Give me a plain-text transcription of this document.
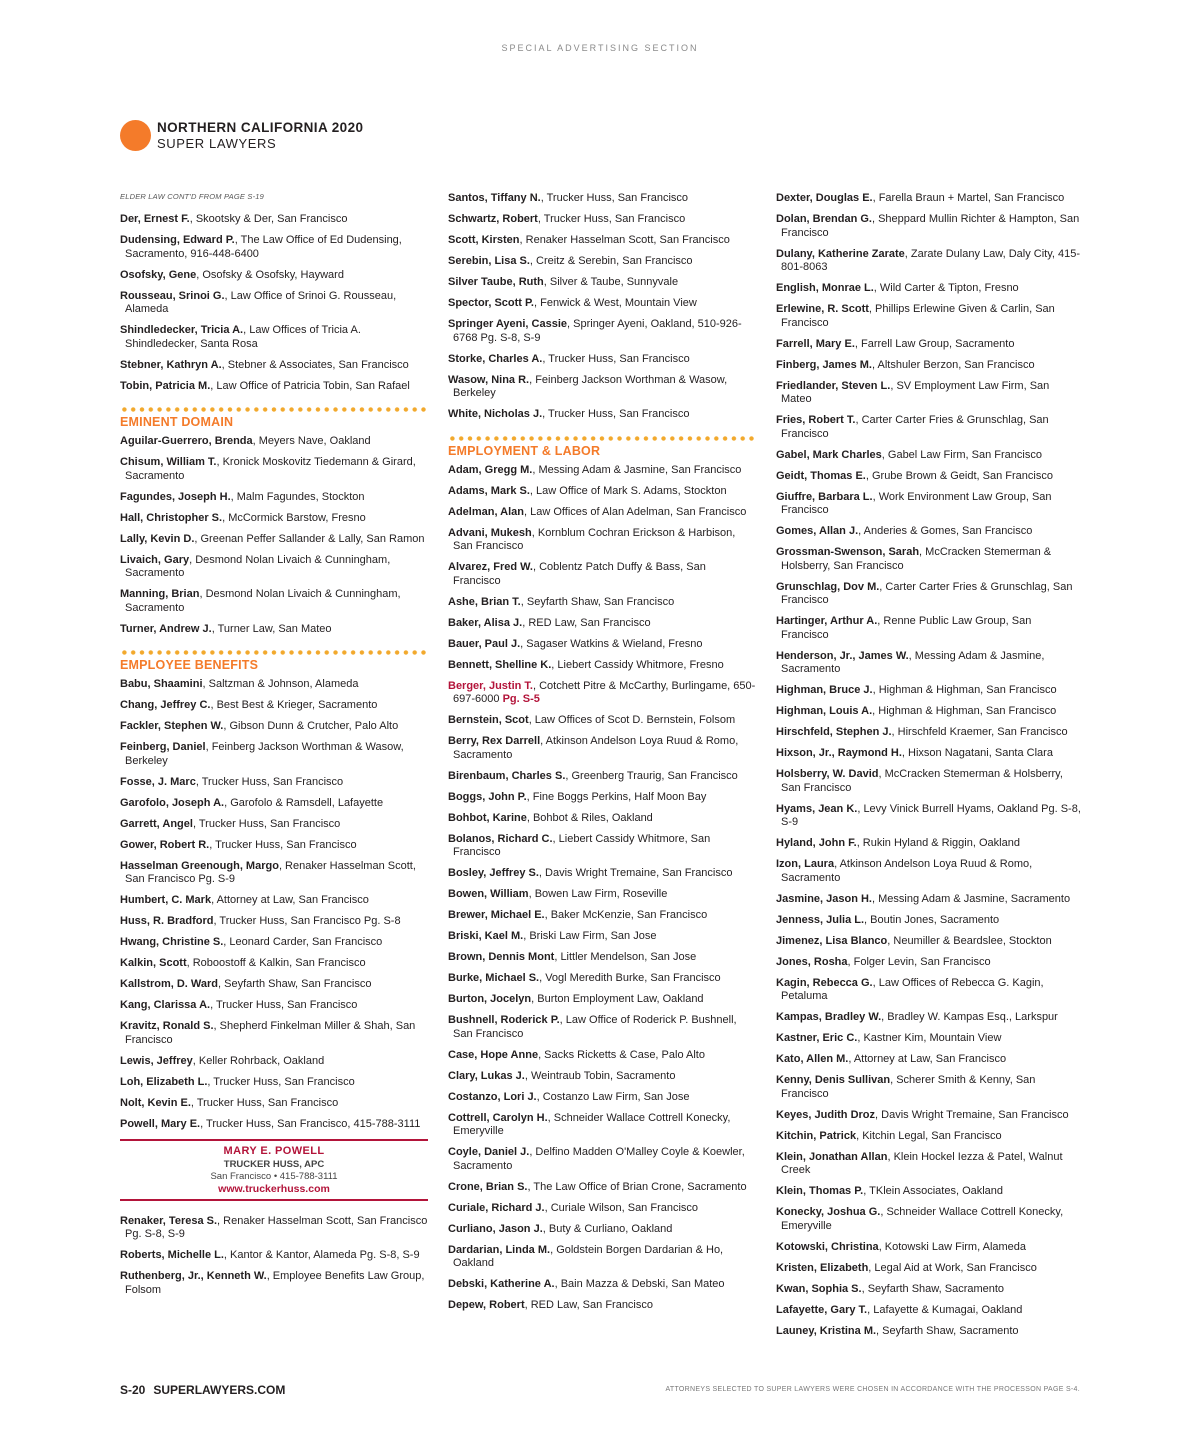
SPECIAL ADVERTISING SECTION
NORTHERN CALIFORNIA 2020
SUPER LAWYERS
ELDER LAW CONT'D FROM PAGE S-19
Der, Ernest F., Skootsky & Der, San Francisco
Dudensing, Edward P., The Law Office of Ed Dudensing, Sacramento, 916-448-6400
Osofsky, Gene, Osofsky & Osofsky, Hayward
Rousseau, Srinoi G., Law Office of Srinoi G. Rousseau, Alameda
Shindledecker, Tricia A., Law Offices of Tricia A. Shindledecker, Santa Rosa
Stebner, Kathryn A., Stebner & Associates, San Francisco
Tobin, Patricia M., Law Office of Patricia Tobin, San Rafael
EMINENT DOMAIN
Aguilar-Guerrero, Brenda, Meyers Nave, Oakland
Chisum, William T., Kronick Moskovitz Tiedemann & Girard, Sacramento
Fagundes, Joseph H., Malm Fagundes, Stockton
Hall, Christopher S., McCormick Barstow, Fresno
Lally, Kevin D., Greenan Peffer Sallander & Lally, San Ramon
Livaich, Gary, Desmond Nolan Livaich & Cunningham, Sacramento
Manning, Brian, Desmond Nolan Livaich & Cunningham, Sacramento
Turner, Andrew J., Turner Law, San Mateo
EMPLOYEE BENEFITS
Babu, Shaamini, Saltzman & Johnson, Alameda
Chang, Jeffrey C., Best Best & Krieger, Sacramento
Fackler, Stephen W., Gibson Dunn & Crutcher, Palo Alto
Feinberg, Daniel, Feinberg Jackson Worthman & Wasow, Berkeley
Fosse, J. Marc, Trucker Huss, San Francisco
Garofolo, Joseph A., Garofolo & Ramsdell, Lafayette
Garrett, Angel, Trucker Huss, San Francisco
Gower, Robert R., Trucker Huss, San Francisco
Hasselman Greenough, Margo, Renaker Hasselman Scott, San Francisco Pg. S-9
Humbert, C. Mark, Attorney at Law, San Francisco
Huss, R. Bradford, Trucker Huss, San Francisco Pg. S-8
Hwang, Christine S., Leonard Carder, San Francisco
Kalkin, Scott, Roboostoff & Kalkin, San Francisco
Kallstrom, D. Ward, Seyfarth Shaw, San Francisco
Kang, Clarissa A., Trucker Huss, San Francisco
Kravitz, Ronald S., Shepherd Finkelman Miller & Shah, San Francisco
Lewis, Jeffrey, Keller Rohrback, Oakland
Loh, Elizabeth L., Trucker Huss, San Francisco
Nolt, Kevin E., Trucker Huss, San Francisco
Powell, Mary E., Trucker Huss, San Francisco, 415-788-3111
MARY E. POWELL
TRUCKER HUSS, APC
San Francisco • 415-788-3111
www.truckerhuss.com
Renaker, Teresa S., Renaker Hasselman Scott, San Francisco Pg. S-8, S-9
Roberts, Michelle L., Kantor & Kantor, Alameda Pg. S-8, S-9
Ruthenberg, Jr., Kenneth W., Employee Benefits Law Group, Folsom
Santos, Tiffany N., Trucker Huss, San Francisco
Schwartz, Robert, Trucker Huss, San Francisco
Scott, Kirsten, Renaker Hasselman Scott, San Francisco
Serebin, Lisa S., Creitz & Serebin, San Francisco
Silver Taube, Ruth, Silver & Taube, Sunnyvale
Spector, Scott P., Fenwick & West, Mountain View
Springer Ayeni, Cassie, Springer Ayeni, Oakland, 510-926-6768 Pg. S-8, S-9
Storke, Charles A., Trucker Huss, San Francisco
Wasow, Nina R., Feinberg Jackson Worthman & Wasow, Berkeley
White, Nicholas J., Trucker Huss, San Francisco
EMPLOYMENT & LABOR
Adam, Gregg M., Messing Adam & Jasmine, San Francisco
Adams, Mark S., Law Office of Mark S. Adams, Stockton
Adelman, Alan, Law Offices of Alan Adelman, San Francisco
Advani, Mukesh, Kornblum Cochran Erickson & Harbison, San Francisco
Alvarez, Fred W., Coblentz Patch Duffy & Bass, San Francisco
Ashe, Brian T., Seyfarth Shaw, San Francisco
Baker, Alisa J., RED Law, San Francisco
Bauer, Paul J., Sagaser Watkins & Wieland, Fresno
Bennett, Shelline K., Liebert Cassidy Whitmore, Fresno
Berger, Justin T., Cotchett Pitre & McCarthy, Burlingame, 650-697-6000 Pg. S-5
Bernstein, Scot, Law Offices of Scot D. Bernstein, Folsom
Berry, Rex Darrell, Atkinson Andelson Loya Ruud & Romo, Sacramento
Birenbaum, Charles S., Greenberg Traurig, San Francisco
Boggs, John P., Fine Boggs Perkins, Half Moon Bay
Bohbot, Karine, Bohbot & Riles, Oakland
Bolanos, Richard C., Liebert Cassidy Whitmore, San Francisco
Bosley, Jeffrey S., Davis Wright Tremaine, San Francisco
Bowen, William, Bowen Law Firm, Roseville
Brewer, Michael E., Baker McKenzie, San Francisco
Briski, Kael M., Briski Law Firm, San Jose
Brown, Dennis Mont, Littler Mendelson, San Jose
Burke, Michael S., Vogl Meredith Burke, San Francisco
Burton, Jocelyn, Burton Employment Law, Oakland
Bushnell, Roderick P., Law Office of Roderick P. Bushnell, San Francisco
Case, Hope Anne, Sacks Ricketts & Case, Palo Alto
Clary, Lukas J., Weintraub Tobin, Sacramento
Costanzo, Lori J., Costanzo Law Firm, San Jose
Cottrell, Carolyn H., Schneider Wallace Cottrell Konecky, Emeryville
Coyle, Daniel J., Delfino Madden O'Malley Coyle & Koewler, Sacramento
Crone, Brian S., The Law Office of Brian Crone, Sacramento
Curiale, Richard J., Curiale Wilson, San Francisco
Curliano, Jason J., Buty & Curliano, Oakland
Dardarian, Linda M., Goldstein Borgen Dardarian & Ho, Oakland
Debski, Katherine A., Bain Mazza & Debski, San Mateo
Depew, Robert, RED Law, San Francisco
Dexter, Douglas E., Farella Braun + Martel, San Francisco
Dolan, Brendan G., Sheppard Mullin Richter & Hampton, San Francisco
Dulany, Katherine Zarate, Zarate Dulany Law, Daly City, 415-801-8063
English, Monrae L., Wild Carter & Tipton, Fresno
Erlewine, R. Scott, Phillips Erlewine Given & Carlin, San Francisco
Farrell, Mary E., Farrell Law Group, Sacramento
Finberg, James M., Altshuler Berzon, San Francisco
Friedlander, Steven L., SV Employment Law Firm, San Mateo
Fries, Robert T., Carter Carter Fries & Grunschlag, San Francisco
Gabel, Mark Charles, Gabel Law Firm, San Francisco
Geidt, Thomas E., Grube Brown & Geidt, San Francisco
Giuffre, Barbara L., Work Environment Law Group, San Francisco
Gomes, Allan J., Anderies & Gomes, San Francisco
Grossman-Swenson, Sarah, McCracken Stemerman & Holsberry, San Francisco
Grunschlag, Dov M., Carter Carter Fries & Grunschlag, San Francisco
Hartinger, Arthur A., Renne Public Law Group, San Francisco
Henderson, Jr., James W., Messing Adam & Jasmine, Sacramento
Highman, Bruce J., Highman & Highman, San Francisco
Highman, Louis A., Highman & Highman, San Francisco
Hirschfeld, Stephen J., Hirschfeld Kraemer, San Francisco
Hixson, Jr., Raymond H., Hixson Nagatani, Santa Clara
Holsberry, W. David, McCracken Stemerman & Holsberry, San Francisco
Hyams, Jean K., Levy Vinick Burrell Hyams, Oakland Pg. S-8, S-9
Hyland, John F., Rukin Hyland & Riggin, Oakland
Izon, Laura, Atkinson Andelson Loya Ruud & Romo, Sacramento
Jasmine, Jason H., Messing Adam & Jasmine, Sacramento
Jenness, Julia L., Boutin Jones, Sacramento
Jimenez, Lisa Blanco, Neumiller & Beardslee, Stockton
Jones, Rosha, Folger Levin, San Francisco
Kagin, Rebecca G., Law Offices of Rebecca G. Kagin, Petaluma
Kampas, Bradley W., Bradley W. Kampas Esq., Larkspur
Kastner, Eric C., Kastner Kim, Mountain View
Kato, Allen M., Attorney at Law, San Francisco
Kenny, Denis Sullivan, Scherer Smith & Kenny, San Francisco
Keyes, Judith Droz, Davis Wright Tremaine, San Francisco
Kitchin, Patrick, Kitchin Legal, San Francisco
Klein, Jonathan Allan, Klein Hockel Iezza & Patel, Walnut Creek
Klein, Thomas P., TKlein Associates, Oakland
Konecky, Joshua G., Schneider Wallace Cottrell Konecky, Emeryville
Kotowski, Christina, Kotowski Law Firm, Alameda
Kristen, Elizabeth, Legal Aid at Work, San Francisco
Kwan, Sophia S., Seyfarth Shaw, Sacramento
Lafayette, Gary T., Lafayette & Kumagai, Oakland
Launey, Kristina M., Seyfarth Shaw, Sacramento
S-20 SUPERLAWYERS.COM	ATTORNEYS SELECTED TO SUPER LAWYERS WERE CHOSEN IN ACCORDANCE WITH THE PROCESSON PAGE S-4.
